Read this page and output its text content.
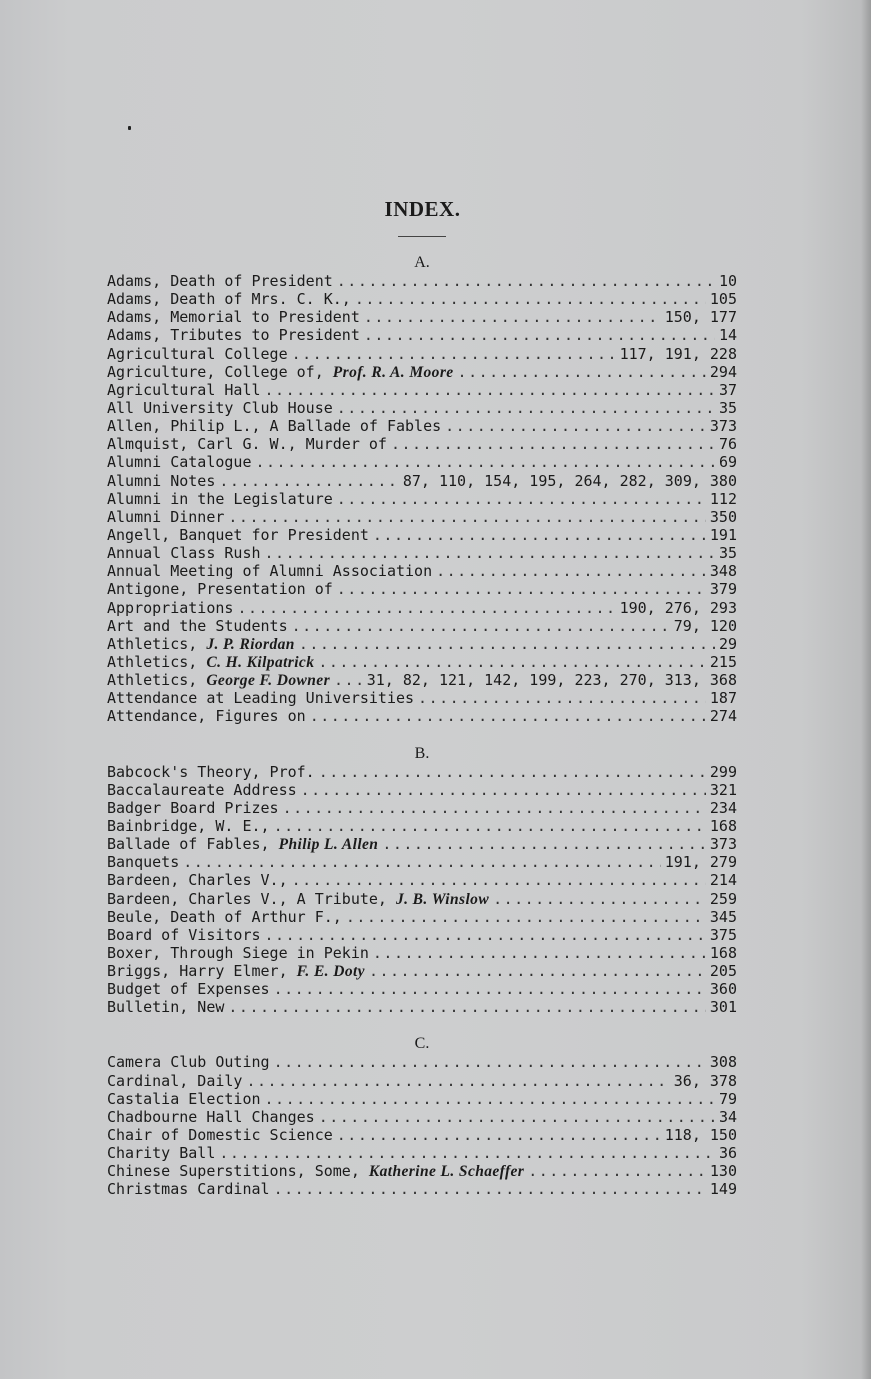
INDEX.
A.
Adams, Death of President .....	10
Adams, Death of Mrs. C. K., .....	105
Adams, Memorial to President .....	150, 177
Adams, Tributes to President .....	14
Agricultural College .....	117, 191, 228
Agriculture, College of, Prof. R. A. Moore .....	294
Agricultural Hall .....	37
All University Club House .....	35
Allen, Philip L., A Ballade of Fables .....	373
Almquist, Carl G. W., Murder of .....	76
Alumni Catalogue .....	69
Alumni Notes .....	87, 110, 154, 195, 264, 282, 309, 380
Alumni in the Legislature .....	112
Alumni Dinner .....	350
Angell, Banquet for President .....	191
Annual Class Rush .....	35
Annual Meeting of Alumni Association .....	348
Antigone, Presentation of .....	379
Appropriations .....	190, 276, 293
Art and the Students .....	79, 120
Athletics, J. P. Riordan .....	29
Athletics, C. H. Kilpatrick .....	215
Athletics, George F. Downer ..... 31, 82, 121, 142, 199, 223, 270, 313, 368
Attendance at Leading Universities .....	187
Attendance, Figures on .....	274
B.
Babcock's Theory, Prof. .....	299
Baccalaureate Address .....	321
Badger Board Prizes .....	234
Bainbridge, W. E., .....	168
Ballade of Fables, Philip L. Allen .....	373
Banquets .....	191, 279
Bardeen, Charles V., .....	214
Bardeen, Charles V., A Tribute, J. B. Winslow .....	259
Beule, Death of Arthur F., .....	345
Board of Visitors .....	375
Boxer, Through Siege in Pekin .....	168
Briggs, Harry Elmer, F. E. Doty .....	205
Budget of Expenses .....	360
Bulletin, New .....	301
C.
Camera Club Outing .....	308
Cardinal, Daily .....	36, 378
Castalia Election .....	79
Chadbourne Hall Changes .....	34
Chair of Domestic Science .....	118, 150
Charity Ball .....	36
Chinese Superstitions, Some, Katherine L. Schaeffer .....	130
Christmas Cardinal .....	149
